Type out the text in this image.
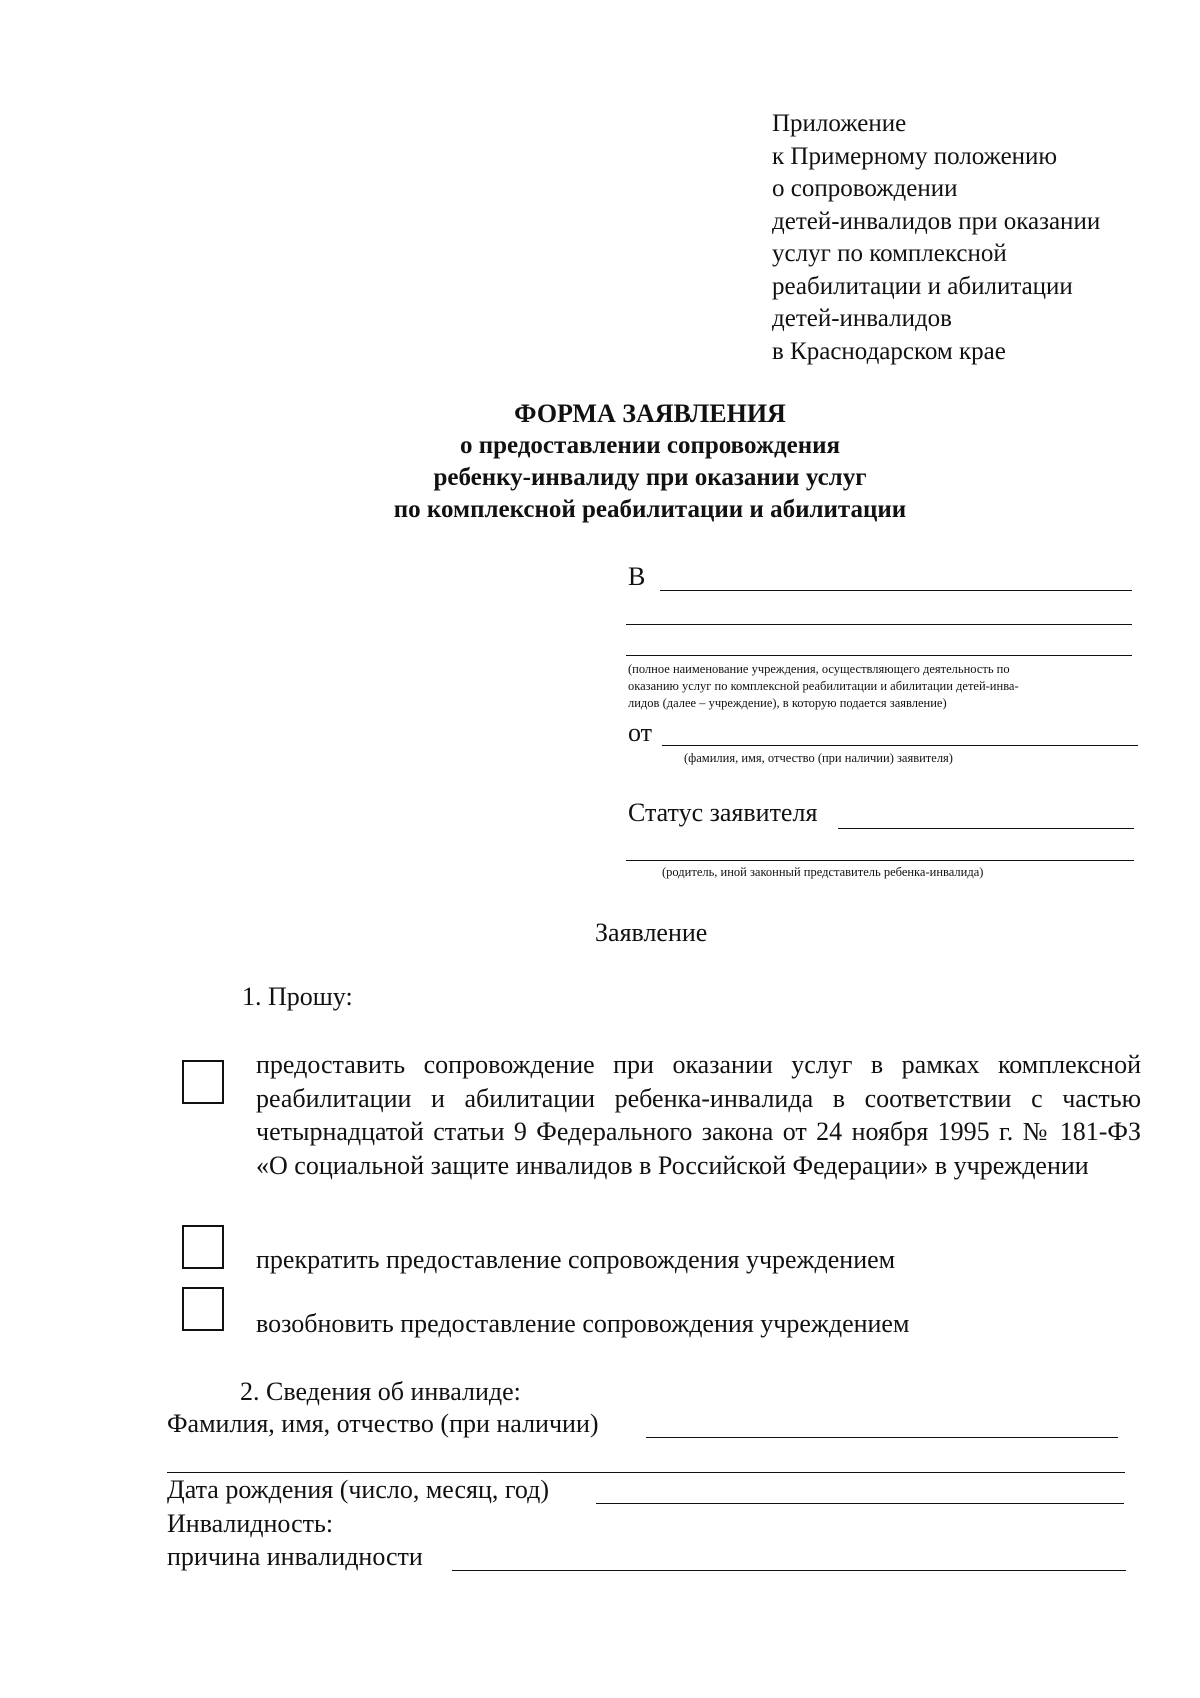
Приложение
к Примерному положению
о сопровождении
детей-инвалидов при оказании
услуг по комплексной
реабилитации и абилитации
детей-инвалидов
в Краснодарском крае
ФОРМА ЗАЯВЛЕНИЯ
о предоставлении сопровождения
ребенку-инвалиду при оказании услуг
по комплексной реабилитации и абилитации
В
(полное наименование учреждения, осуществляющего деятельность по
оказанию услуг по комплексной реабилитации и абилитации детей-инва-
лидов (далее – учреждение), в которую подается заявление)
от
(фамилия, имя, отчество (при наличии) заявителя)
Статус заявителя
(родитель, иной законный представитель ребенка-инвалида)
Заявление
1. Прошу:
предоставить сопровождение при оказании услуг в рамках комплексной реабилитации и абилитации ребенка-инвалида в соответствии с частью четырнадцатой статьи 9 Федерального закона от 24 ноября 1995 г. № 181-ФЗ «О социальной защите инвалидов в Российской Федерации» в учреждении
прекратить предоставление сопровождения учреждением
возобновить предоставление сопровождения учреждением
2. Сведения об инвалиде:
Фамилия, имя, отчество (при наличии)
Дата рождения (число, месяц, год)
Инвалидность:
причина инвалидности
